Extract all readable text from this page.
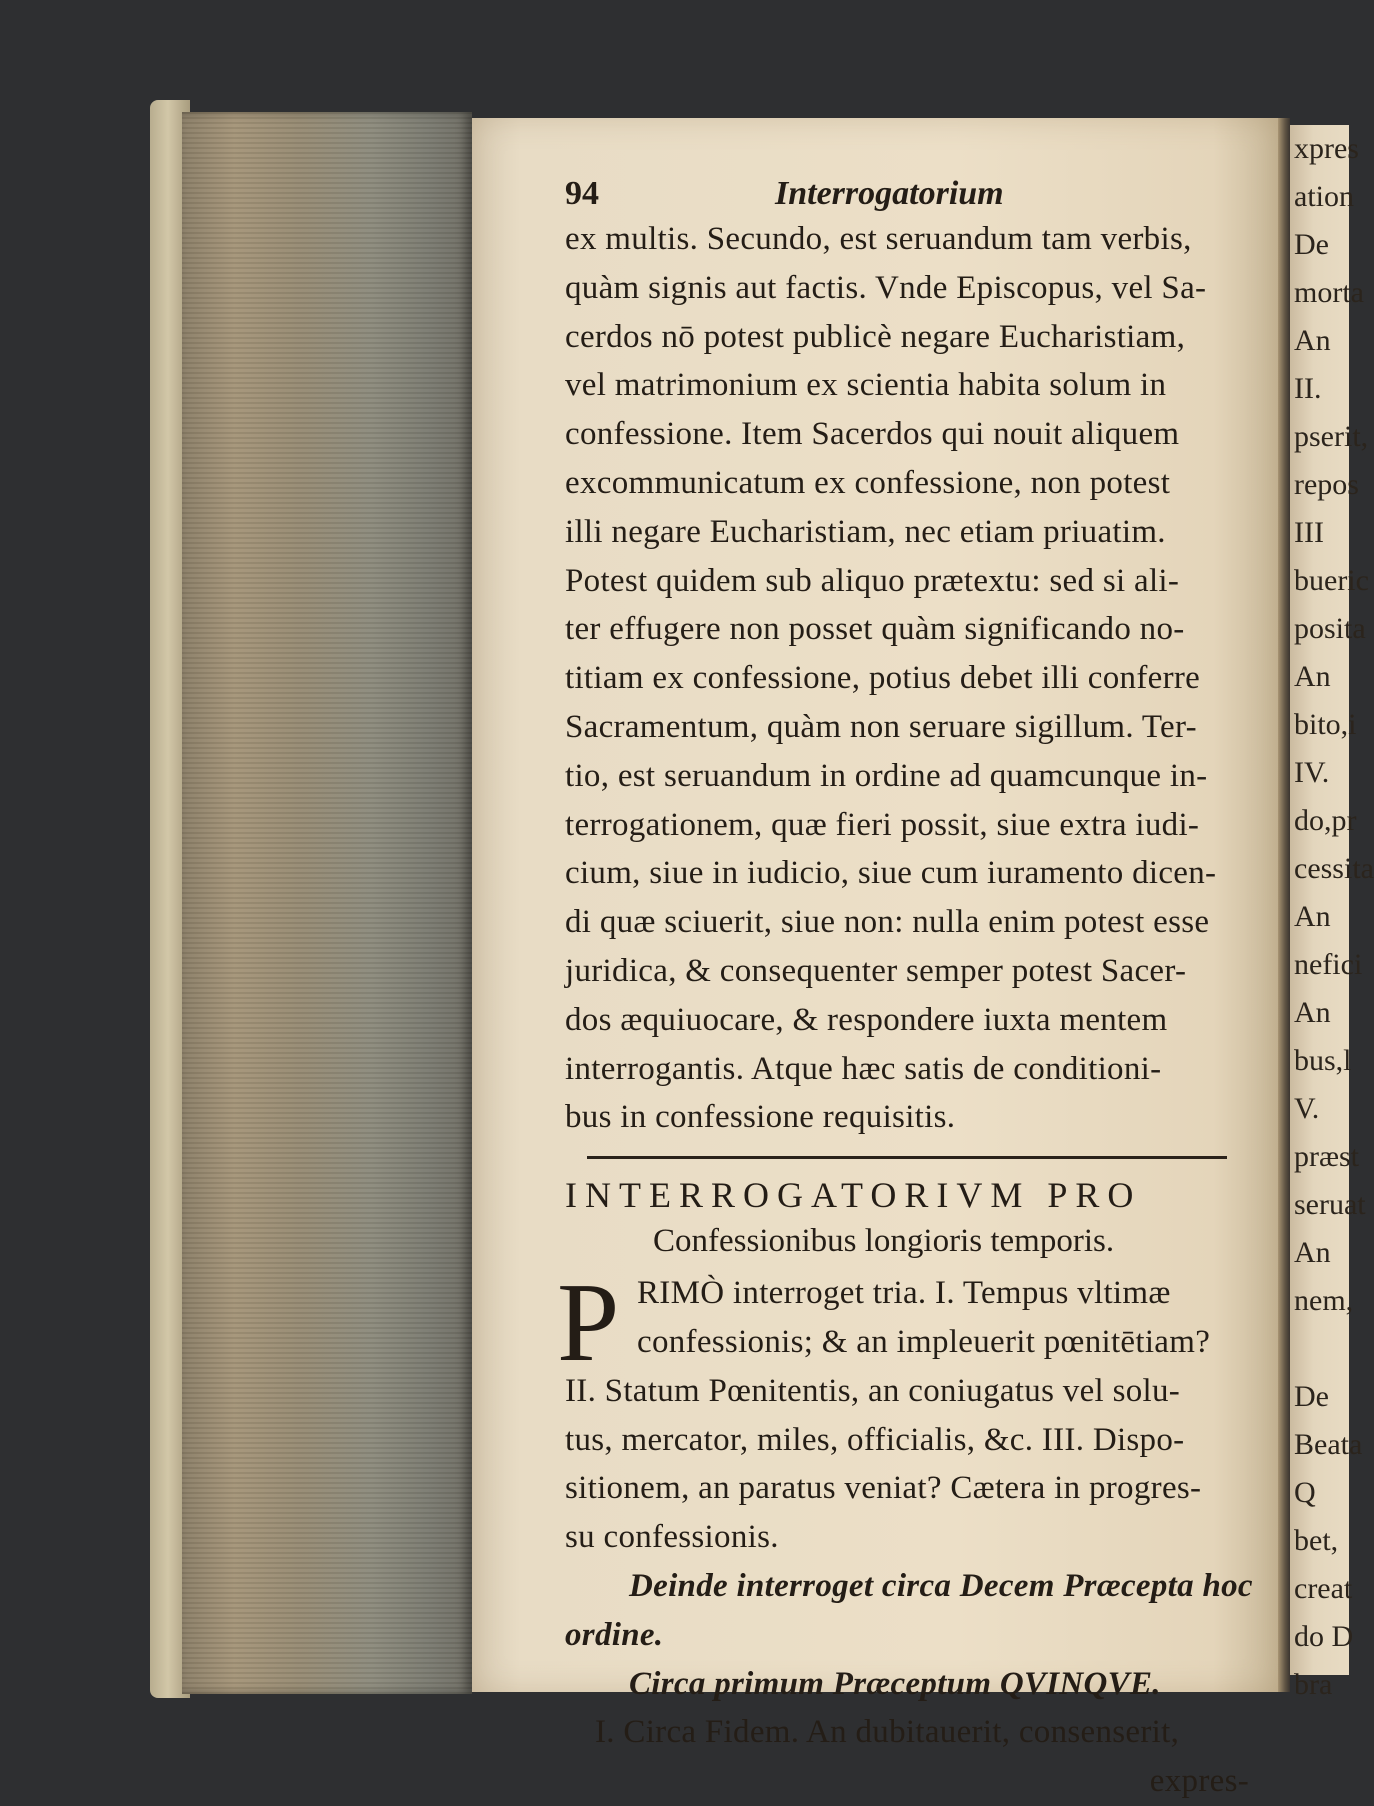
xpres
ation
De
morta
An
II.
pserit,
repos
III
bueric
posita
An
bito,i
IV.
do,pr
cessita
An
nefici
An
bus,l
V.
præst
seruat
An
nem,
De
Beata
Q
bet,
creat
do D
bra
94	Interrogatorium
ex multis. Secundo, est seruandum tam verbis,
quàm signis aut factis. Vnde Episcopus, vel Sa-
cerdos nō potest publicè negare Eucharistiam,
vel matrimonium ex scientia habita solum in
confessione. Item Sacerdos qui nouit aliquem
excommunicatum ex confessione, non potest
illi negare Eucharistiam, nec etiam priuatim.
Potest quidem sub aliquo prætextu: sed si ali-
ter effugere non posset quàm significando no-
titiam ex confessione, potius debet illi conferre
Sacramentum, quàm non seruare sigillum. Ter-
tio, est seruandum in ordine ad quamcunque in-
terrogationem, quæ fieri possit, siue extra iudi-
cium, siue in iudicio, siue cum iuramento dicen-
di quæ sciuerit, siue non: nulla enim potest esse
juridica, & consequenter semper potest Sacer-
dos æquiuocare, & respondere iuxta mentem
interrogantis. Atque hæc satis de conditioni-
bus in confessione requisitis.
INTERROGATORIVM PRO
Confessionibus longioris temporis.
P RIMÒ interroget tria. I. Tempus vltimæ
confessionis; & an impleuerit pœnitētiam?
II. Statum Pœnitentis, an coniugatus vel solu-
tus, mercator, miles, officialis, &c. III. Dispo-
sitionem, an paratus veniat? Cætera in progres-
su confessionis.
Deinde interroget circa Decem Præcepta hoc
ordine.
Circa primum Præceptum QVINQVE.
I. Circa Fidem. An dubitauerit, consenserit,
expres-
